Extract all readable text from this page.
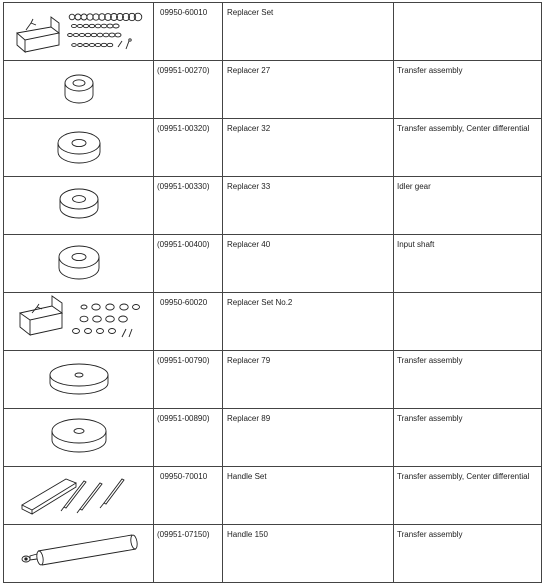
	09950-60010	Replacer Set	

	(09951-00270)	Replacer 27	Transfer assembly

	(09951-00320)	Replacer 32	Transfer assembly, Center differential

	(09951-00330)	Replacer 33	Idler gear

	(09951-00400)	Replacer 40	Input shaft

	09950-60020	Replacer Set No.2	

	(09951-00790)	Replacer 79	Transfer assembly

	(09951-00890)	Replacer 89	Transfer assembly

	09950-70010	Handle Set	Transfer assembly, Center differential

	(09951-07150)	Handle 150	Transfer assembly
